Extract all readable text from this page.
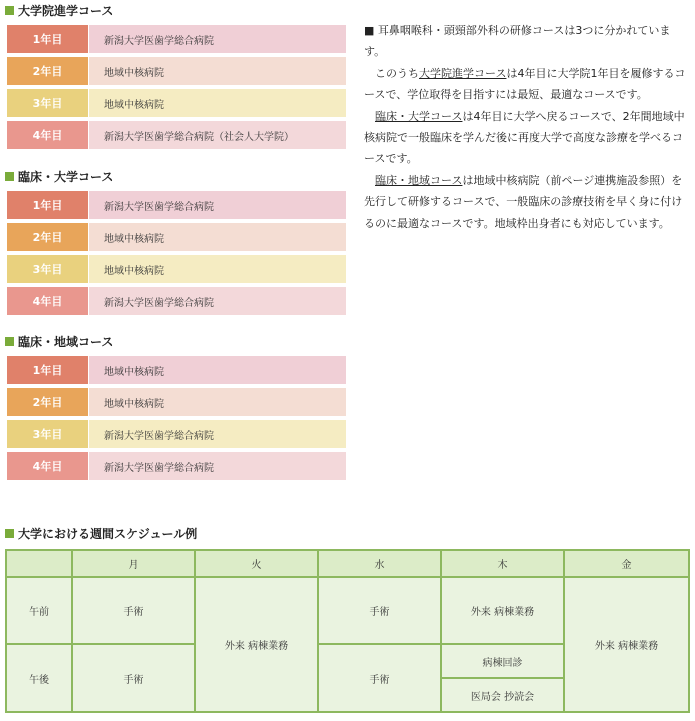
大学院進学コース
1年目	新潟大学医歯学総合病院
2年目	地域中核病院
3年目	地域中核病院
4年目	新潟大学医歯学総合病院（社会人大学院）
臨床・大学コース
1年目	新潟大学医歯学総合病院
2年目	地域中核病院
3年目	地域中核病院
4年目	新潟大学医歯学総合病院
臨床・地域コース
1年目	地域中核病院
2年目	地域中核病院
3年目	新潟大学医歯学総合病院
4年目	新潟大学医歯学総合病院

■ 耳鼻咽喉科・頭頸部外科の研修コースは3つに分かれています。

このうち大学院進学コースは4年目に大学院1年目を履修するコースで、学位取得を目指すには最短、最適なコースです。

臨床・大学コースは4年目に大学へ戻るコースで、2年間地域中核病院で一般臨床を学んだ後に再度大学で高度な診療を学べるコースです。

臨床・地域コースは地域中核病院（前ページ連携施設参照）を先行して研修するコースで、一般臨床の診療技術を早く身に付けるのに最適なコースです。地域枠出身者にも対応しています。

大学における週間スケジュール例
	月	火	水	木	金
午前	手術	外来 病棟業務	手術	外来 病棟業務	外来 病棟業務
午後	手術		手術	病棟回診	
				医局会 抄読会	
